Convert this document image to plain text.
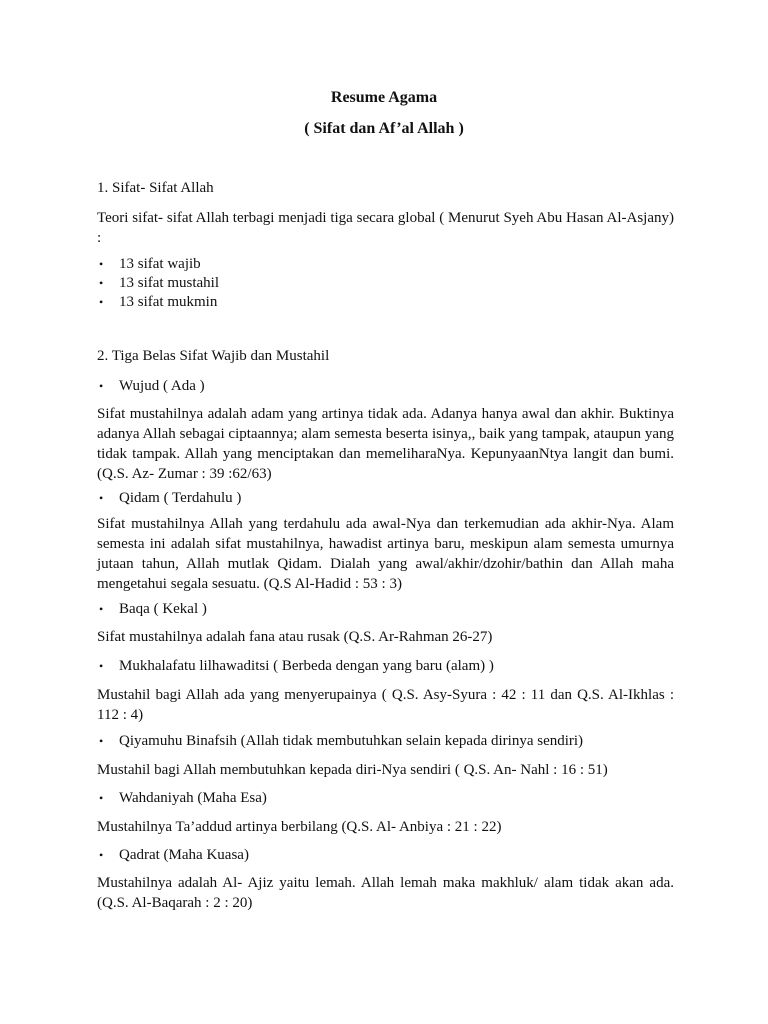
Resume Agama
( Sifat dan Af’al Allah )
1. Sifat- Sifat Allah
Teori sifat- sifat Allah terbagi menjadi tiga secara global ( Menurut Syeh Abu Hasan Al-Asjany) :
• 13 sifat wajib
• 13 sifat mustahil
• 13 sifat mukmin
2. Tiga Belas Sifat Wajib dan Mustahil
• Wujud ( Ada )
Sifat mustahilnya adalah adam yang artinya tidak ada. Adanya hanya awal dan akhir. Buktinya adanya Allah sebagai ciptaannya; alam semesta beserta isinya,, baik yang tampak, ataupun yang tidak tampak. Allah yang menciptakan dan memeliharaNya. KepunyaanNtya langit dan bumi. (Q.S. Az- Zumar : 39 :62/63)
• Qidam ( Terdahulu )
Sifat mustahilnya Allah yang terdahulu ada awal-Nya dan terkemudian ada akhir-Nya. Alam semesta ini adalah sifat mustahilnya, hawadist artinya baru, meskipun alam semesta umurnya jutaan tahun, Allah mutlak Qidam. Dialah yang awal/akhir/dzohir/bathin dan Allah maha mengetahui segala sesuatu. (Q.S Al-Hadid : 53 : 3)
• Baqa ( Kekal )
Sifat mustahilnya adalah fana atau rusak (Q.S. Ar-Rahman 26-27)
• Mukhalafatu lilhawaditsi ( Berbeda dengan yang baru (alam) )
Mustahil bagi Allah ada yang menyerupainya ( Q.S. Asy-Syura : 42 : 11 dan Q.S. Al-Ikhlas : 112 : 4)
• Qiyamuhu Binafsih (Allah tidak membutuhkan selain kepada dirinya sendiri)
Mustahil bagi Allah membutuhkan kepada diri-Nya sendiri ( Q.S. An- Nahl : 16 : 51)
• Wahdaniyah (Maha Esa)
Mustahilnya Ta’addud artinya berbilang (Q.S. Al- Anbiya : 21 : 22)
• Qadrat (Maha Kuasa)
Mustahilnya adalah Al- Ajiz yaitu lemah. Allah lemah maka makhluk/ alam tidak akan ada. (Q.S. Al-Baqarah : 2 : 20)
